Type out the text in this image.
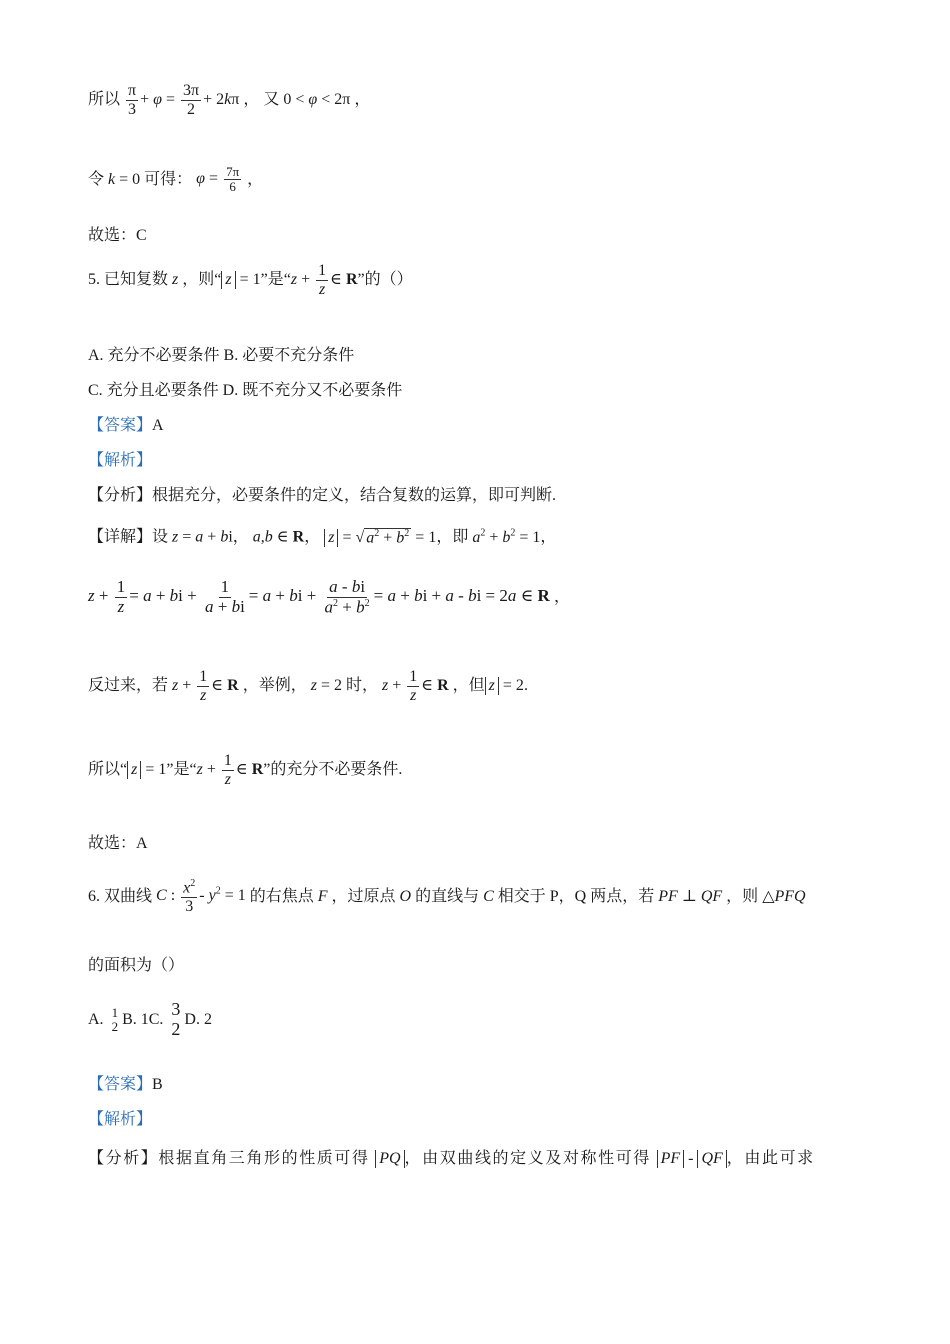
所以 $\frac{\pi}{3} + \varphi = \frac{3\pi}{2} + 2k\pi$ ， 又 0 < φ < 2π ，
令 k = 0 可得： $\varphi = \frac{7\pi}{6}$ ，
故选：C
5. 已知复数 z ，则“ z = 1”是“$z + \frac{1}{z}$ ∈ R”的（）
A. 充分不必要条件 B. 必要不充分条件
C. 充分且必要条件 D. 既不充分又不必要条件
【答案】A
【解析】
【分析】根据充分，必要条件的定义，结合复数的运算，即可判断.
【详解】设 z = a + bi， a,b ∈ R， z = √ $a^2 + b^2 = 1$，即 $a^2 + b^2 = 1$，
$z + \frac{1}{z} = a$ + bi + $\frac{1}{a + bi} = a$ + bi + $\frac{a - bi}{a^2 + b^2} = a$ + bi + a - bi = 2a ∈ R ，
反过来，若 $z + \frac{1}{z}$ ∈ R ，举例， z = 2 时， $z + \frac{1}{z}$ ∈ R ，但 z = 2.
所以“ z = 1”是“$z + \frac{1}{z}$ ∈ R”的充分不必要条件.
故选：A
6. 双曲线 C : $\frac{x^2}{3} - y^2 = 1$ 的右焦点 F ，过原点 O 的直线与 C 相交于 P，Q 两点，若 PF ⊥ QF ，则 △PFQ
的面积为（）
A. 1
2 B. 1C.
3
2 D. 2
【答案】B
【解析】
【分析】根据直角三角形的性质可得 PQ ，由双曲线的定义及对称性可得 PF - QF ，由此可求
